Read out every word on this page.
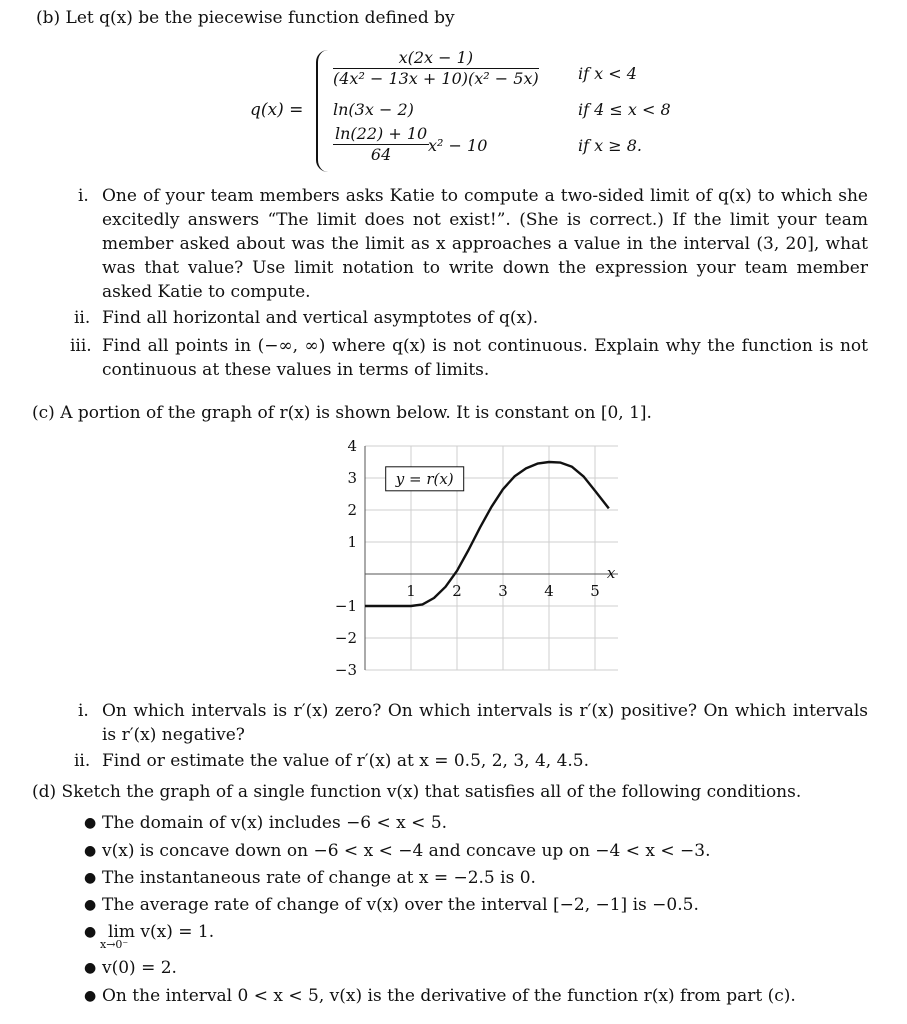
(b) Let q(x) be the piecewise function defined by
q(x) =
$\frac{x(2x - 1)}{\text{(4x² − 13x + 10)(x² − 5x)}}$ if x < 4
ln(3x − 2)	if 4 ≤ x < 8
$\frac{\ln(22) + 10}{64}$
x² − 10	if x ≥ 8.
i. One of your team members asks Katie to compute a two-sided limit of q(x) to which she excitedly answers “The limit does not exist!”. (She is correct.) If the limit your team member asked about was the limit as x approaches a value in the interval (3, 20], what was that value? Use limit notation to write down the expression your team member asked Katie to compute.
ii. Find all horizontal and vertical asymptotes of q(x).
iii. Find all points in (−∞, ∞) where q(x) is not continuous. Explain why the function is not continuous at these values in terms of limits.
(c) A portion of the graph of r(x) is shown below. It is constant on [0, 1].
1 2 3 4 5
4
3
2
1
−1
−2
−3
x
y = r(x)
i. On which intervals is r′(x) zero? On which intervals is r′(x) positive? On which intervals is r′(x) negative?
ii. Find or estimate the value of r′(x) at x = 0.5, 2, 3, 4, 4.5.
(d) Sketch the graph of a single function v(x) that satisfies all of the following conditions.
● The domain of v(x) includes −6 < x < 5.
● v(x) is concave down on −6 < x < −4 and concave up on −4 < x < −3.
● The instantaneous rate of change at x = −2.5 is 0.
● The average rate of change of v(x) over the interval [−2, −1] is −0.5.
● lim v(x) = 1.
x→0⁻
● v(0) = 2.
● On the interval 0 < x < 5, v(x) is the derivative of the function r(x) from part (c).
